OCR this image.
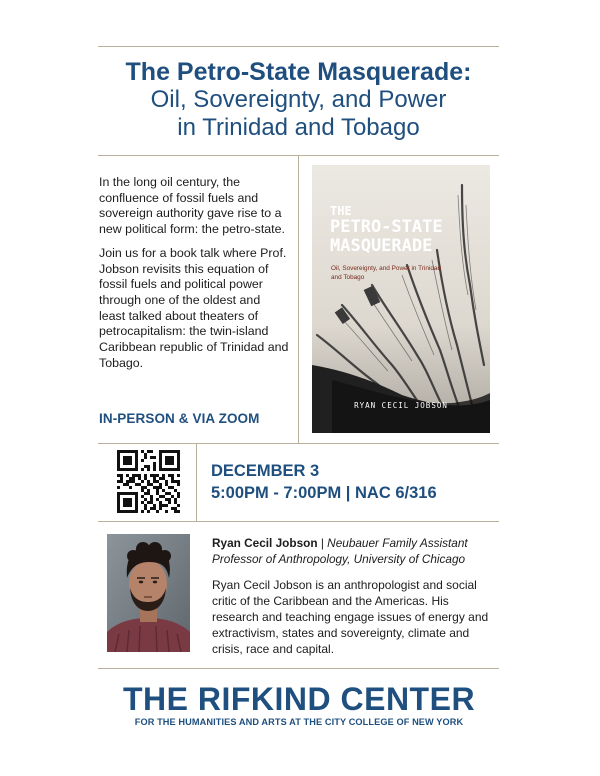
The Petro-State Masquerade:
Oil, Sovereignty, and Power
in Trinidad and Tobago

In the long oil century, the confluence of fossil fuels and sovereign authority gave rise to a new political form: the petro-state.

Join us for a book talk where Prof. Jobson revisits this equation of fossil fuels and political power through one of the oldest and least talked about theaters of petrocapitalism: the twin-island Caribbean republic of Trinidad and Tobago.

IN-PERSON & VIA ZOOM
THE
PETRO-STATE
MASQUERADE
Oil, Sovereignty, and Power in Trinidad and Tobago
RYAN CECIL JOBSON
DECEMBER 3
5:00PM - 7:00PM | NAC 6/316
Ryan Cecil Jobson | Neubauer Family Assistant Professor of Anthropology, University of Chicago
Ryan Cecil Jobson is an anthropologist and social critic of the Caribbean and the Americas. His research and teaching engage issues of energy and extractivism, states and sovereignty, climate and crisis, race and capital.
THE RIFKIND CENTER
FOR THE HUMANITIES AND ARTS AT THE CITY COLLEGE OF NEW YORK
